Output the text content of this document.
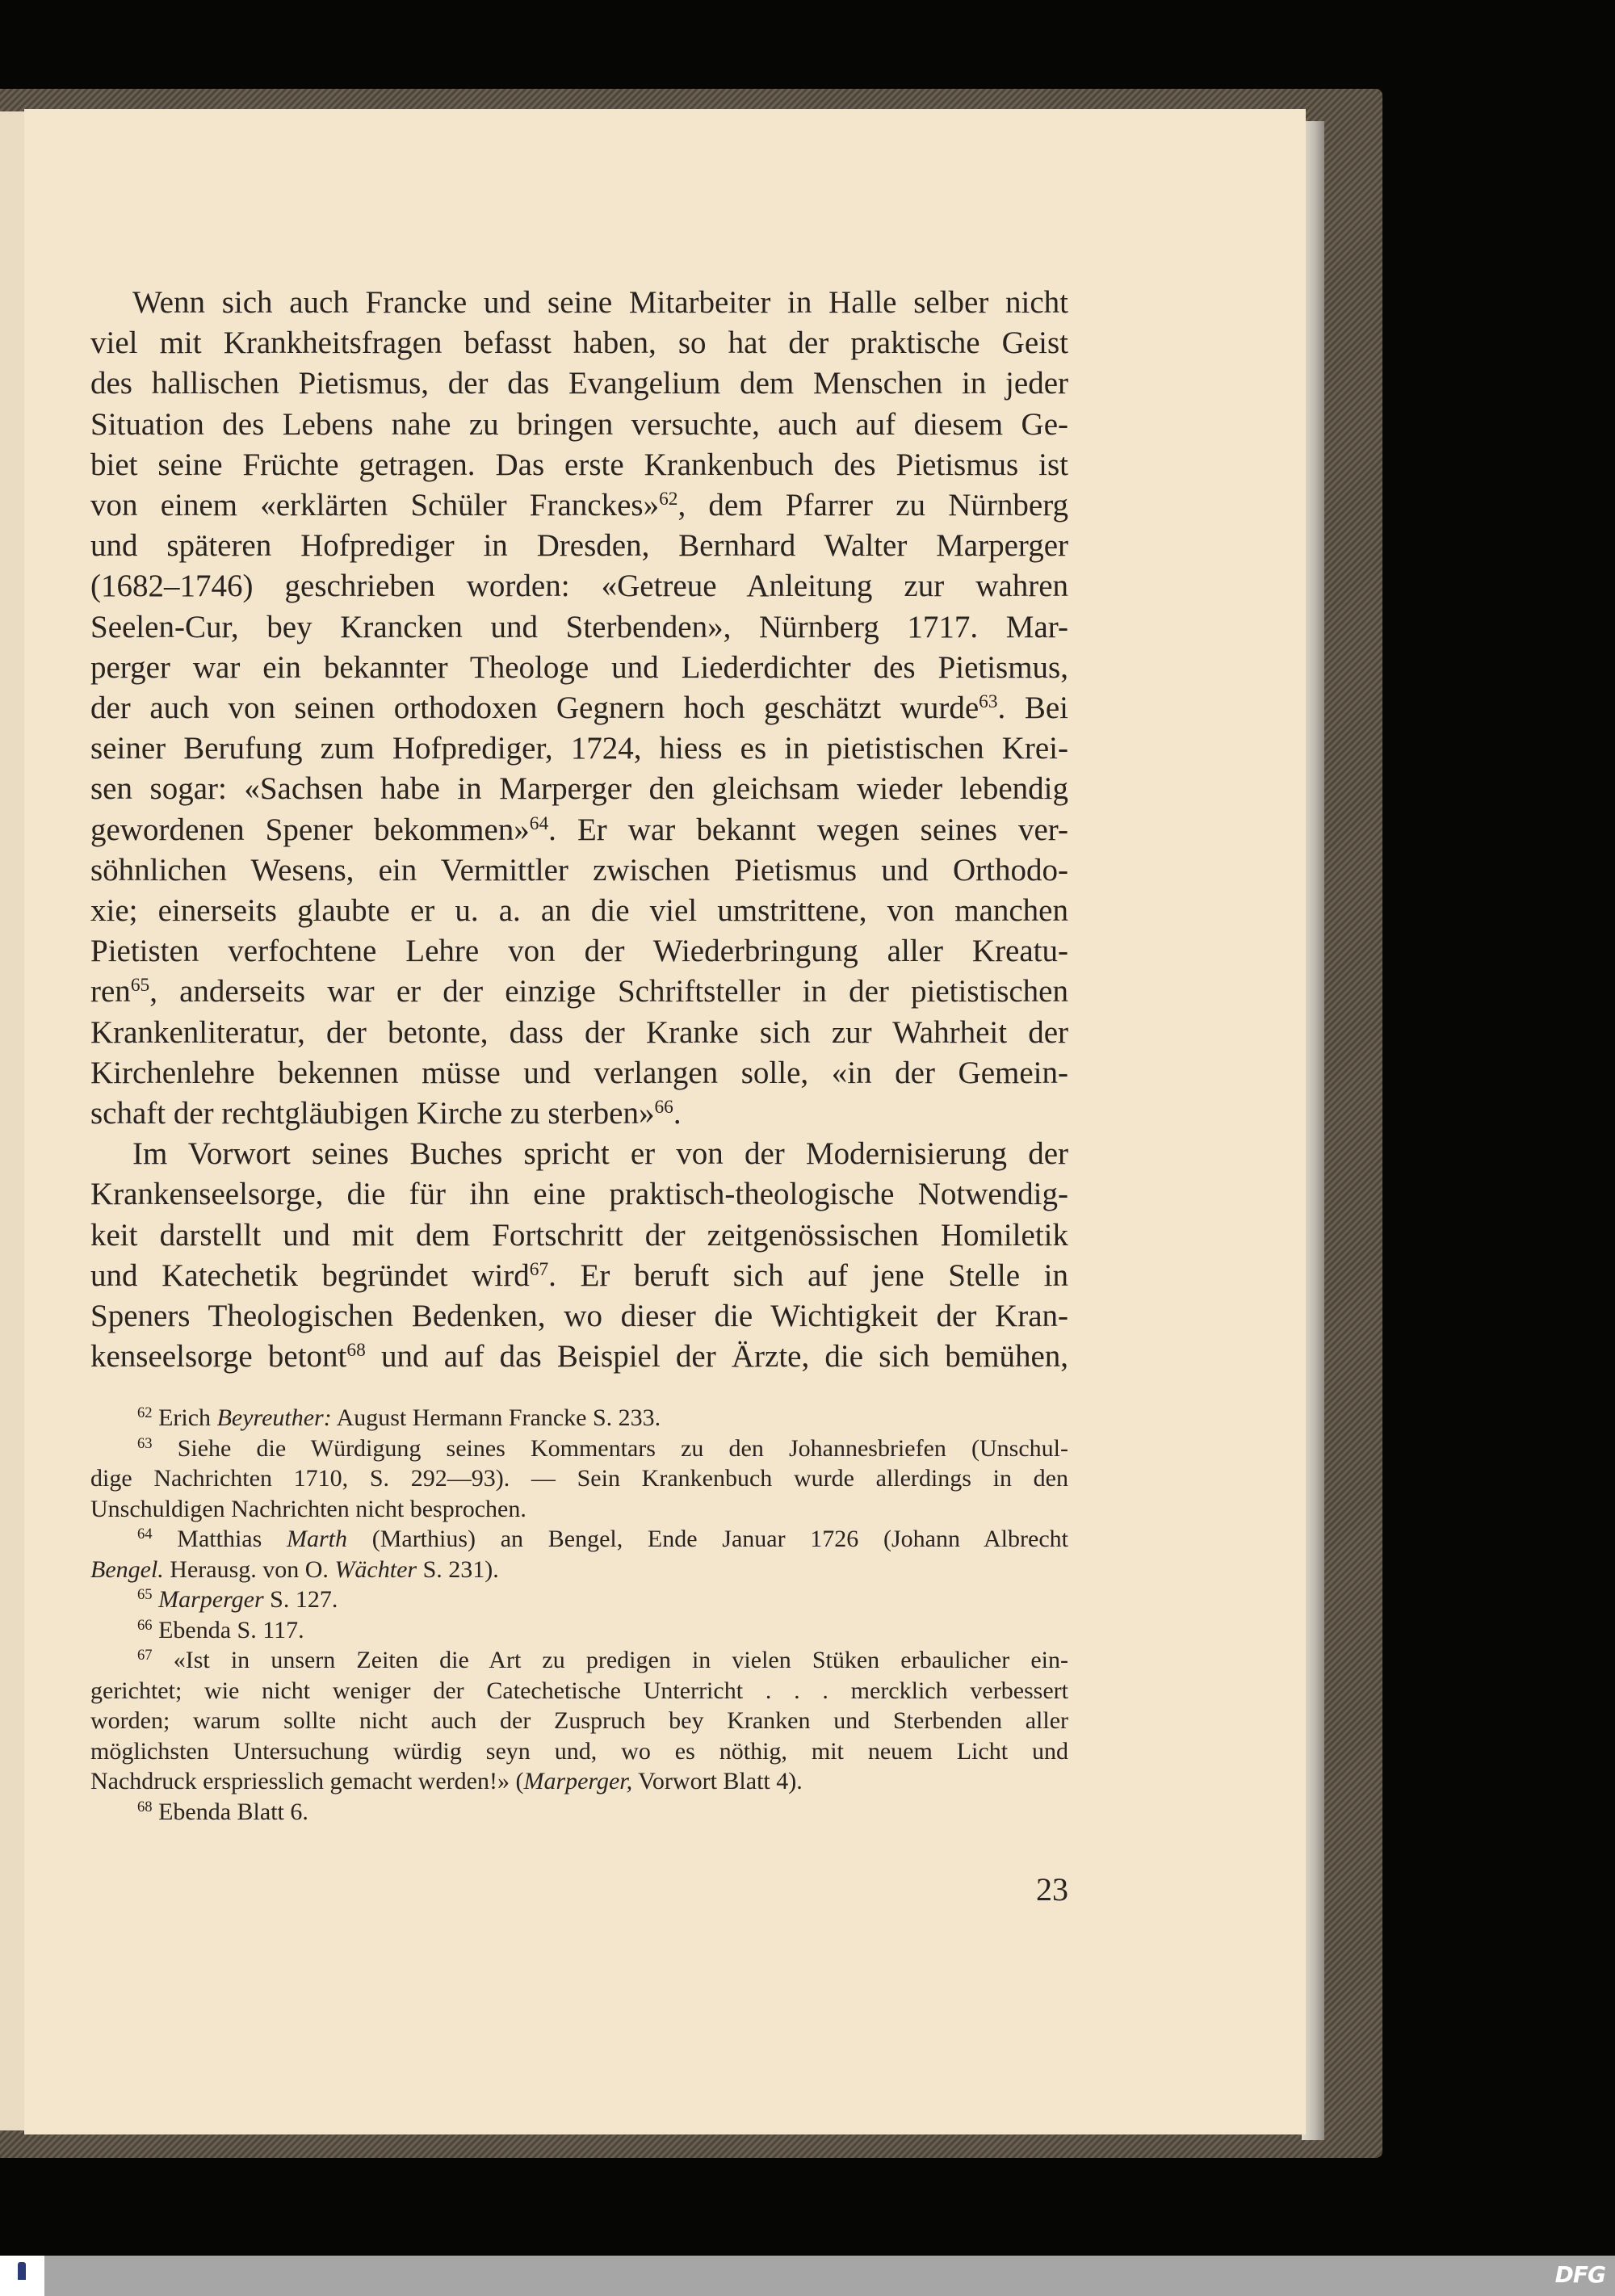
Wenn sich auch Francke und seine Mitarbeiter in Halle selber nicht
viel mit Krankheitsfragen befasst haben, so hat der praktische Geist
des hallischen Pietismus, der das Evangelium dem Menschen in jeder
Situation des Lebens nahe zu bringen versuchte, auch auf diesem Ge-
biet seine Früchte getragen. Das erste Krankenbuch des Pietismus ist
von einem «erklärten Schüler Franckes»$^{62}$, dem Pfarrer zu Nürnberg
und späteren Hofprediger in Dresden, Bernhard Walter Marperger
(1682–1746) geschrieben worden: «Getreue Anleitung zur wahren
Seelen-Cur, bey Krancken und Sterbenden», Nürnberg 1717. Mar-
perger war ein bekannter Theologe und Liederdichter des Pietismus,
der auch von seinen orthodoxen Gegnern hoch geschätzt wurde$^{63}$. Bei
seiner Berufung zum Hofprediger, 1724, hiess es in pietistischen Krei-
sen sogar: «Sachsen habe in Marperger den gleichsam wieder lebendig
gewordenen Spener bekommen»$^{64}$. Er war bekannt wegen seines ver-
söhnlichen Wesens, ein Vermittler zwischen Pietismus und Orthodo-
xie; einerseits glaubte er u. a. an die viel umstrittene, von manchen
Pietisten verfochtene Lehre von der Wiederbringung aller Kreatu-
ren$^{65}$, anderseits war er der einzige Schriftsteller in der pietistischen
Krankenliteratur, der betonte, dass der Kranke sich zur Wahrheit der
Kirchenlehre bekennen müsse und verlangen solle, «in der Gemein-
schaft der rechtgläubigen Kirche zu sterben»$^{66}$.
Im Vorwort seines Buches spricht er von der Modernisierung der
Krankenseelsorge, die für ihn eine praktisch-theologische Notwendig-
keit darstellt und mit dem Fortschritt der zeitgenössischen Homiletik
und Katechetik begründet wird$^{67}$. Er beruft sich auf jene Stelle in
Speners Theologischen Bedenken, wo dieser die Wichtigkeit der Kran-
kenseelsorge betont$^{68}$ und auf das Beispiel der Ärzte, die sich bemühen,
$^{62}$ Erich Beyreuther: August Hermann Francke S. 233.
$^{63}$ Siehe die Würdigung seines Kommentars zu den Johannesbriefen (Unschul-
dige Nachrichten 1710, S. 292—93). — Sein Krankenbuch wurde allerdings in den
Unschuldigen Nachrichten nicht besprochen.
$^{64}$ Matthias Marth (Marthius) an Bengel, Ende Januar 1726 (Johann Albrecht
Bengel. Herausg. von O. Wächter S. 231).
$^{65}$ Marperger S. 127.
$^{66}$ Ebenda S. 117.
$^{67}$ «Ist in unsern Zeiten die Art zu predigen in vielen Stüken erbaulicher ein-
gerichtet; wie nicht weniger der Catechetische Unterricht . . . mercklich verbessert
worden; warum sollte nicht auch der Zuspruch bey Kranken und Sterbenden aller
möglichsten Untersuchung würdig seyn und, wo es nöthig, mit neuem Licht und
Nachdruck erspriesslich gemacht werden!» (Marperger, Vorwort Blatt 4).
$^{68}$ Ebenda Blatt 6.
23
DFG
